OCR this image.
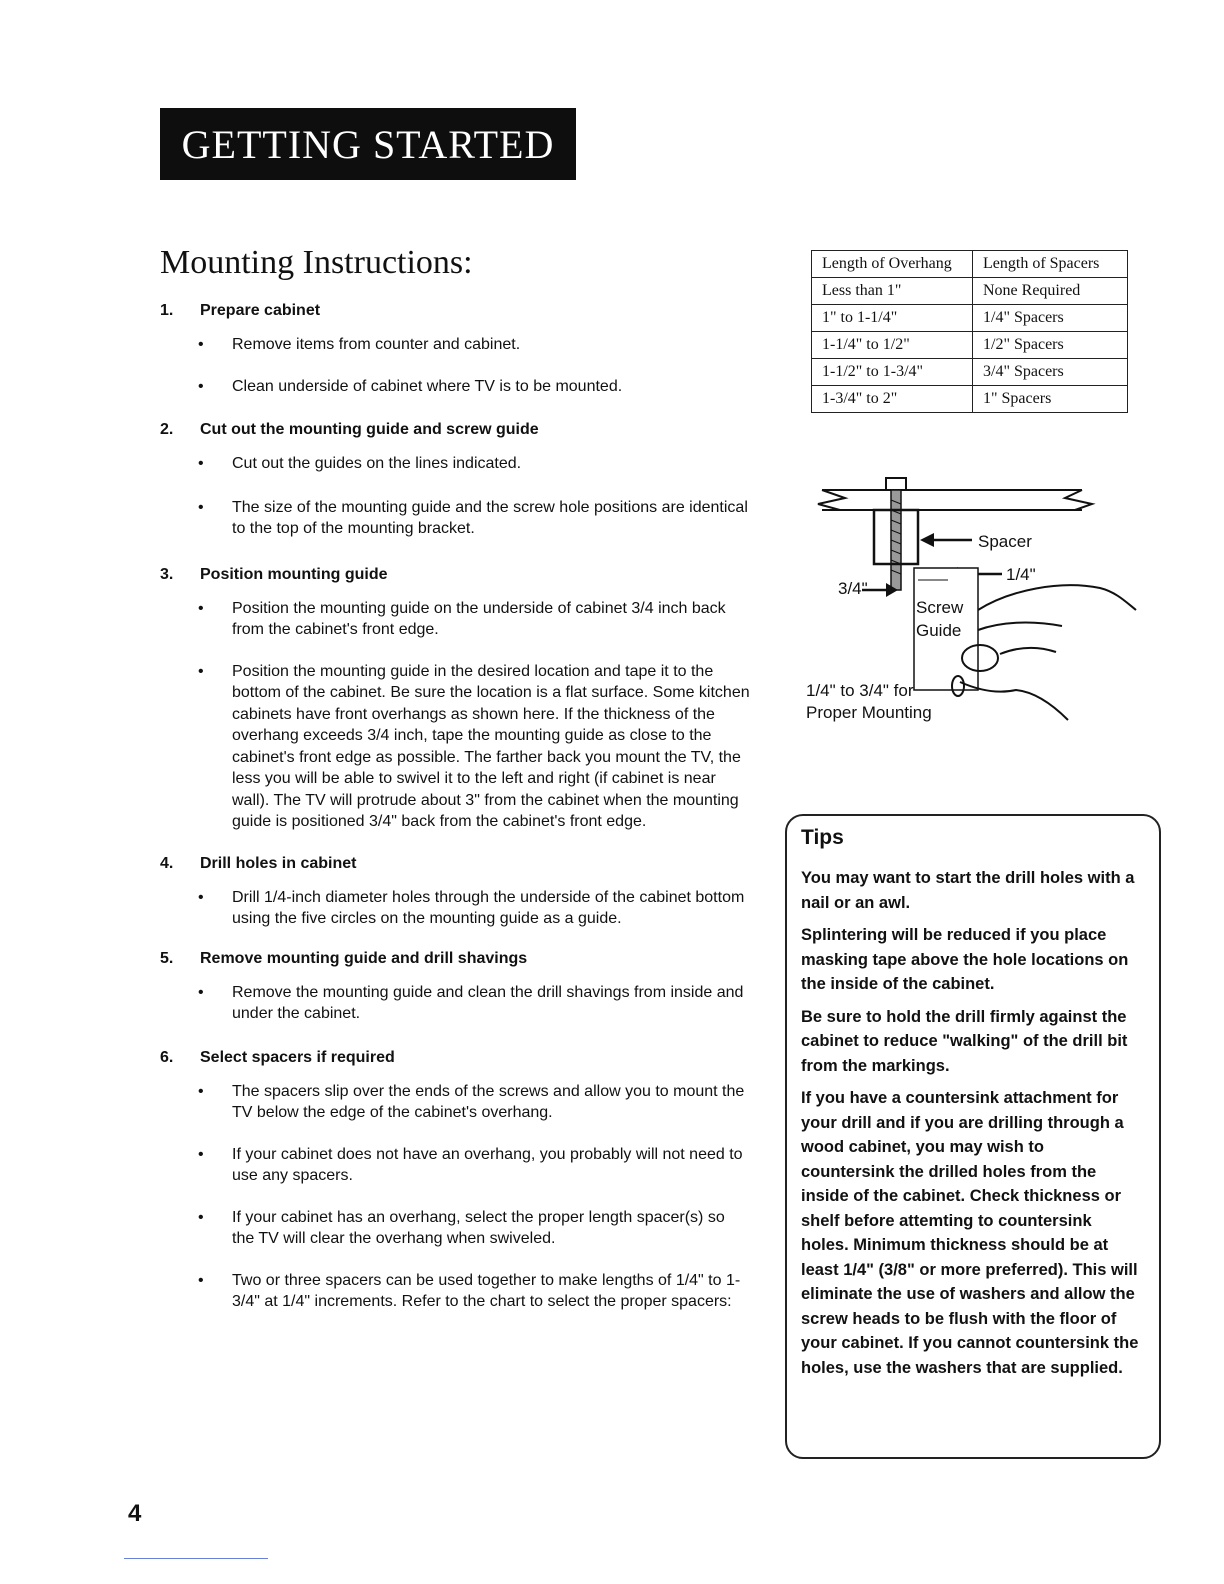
GETTING STARTED
Mounting Instructions:
1.	Prepare cabinet
• Remove items from counter and cabinet.
• Clean underside of cabinet where TV is to be mounted.
2.	Cut out the mounting guide and screw guide
• Cut out the guides on the lines indicated.
• The size of the mounting guide and the screw hole positions are identical to the top of the mounting bracket.
3.	Position mounting guide
• Position the mounting guide on the underside of cabinet 3/4 inch back from the cabinet's front edge.
• Position the mounting guide in the desired location and tape it to the bottom of the cabinet. Be sure the location is a flat surface. Some kitchen cabinets have front overhangs as shown here. If the thickness of the overhang exceeds 3/4 inch, tape the mounting guide as close to the cabinet's front edge as possible. The farther back you mount the TV, the less you will be able to swivel it to the left and right (if cabinet is near wall). The TV will protrude about 3" from the cabinet when the mounting guide is positioned 3/4" back from the cabinet's front edge.
4.	Drill holes in cabinet
• Drill 1/4-inch diameter holes through the underside of the cabinet bottom using the five circles on the mounting guide as a guide.
5.	Remove mounting guide and drill shavings
• Remove the mounting guide and clean the drill shavings from inside and under the cabinet.
6.	Select spacers if required
• The spacers slip over the ends of the screws and allow you to mount the TV below the edge of the cabinet's overhang.
• If your cabinet does not have an overhang, you probably will not need to use any spacers.
• If your cabinet has an overhang, select the proper length spacer(s) so the TV will clear the overhang when swiveled.
• Two or three spacers can be used together to make lengths of 1/4" to 1-3/4" at 1/4" increments. Refer to the chart to select the proper spacers:
Length of Overhang	Length of Spacers
Less than 1"	None Required
1" to 1-1/4"	1/4" Spacers
1-1/4" to 1/2"	1/2" Spacers
1-1/2" to 1-3/4"	3/4" Spacers
1-3/4" to 2"	1" Spacers
Spacer
1/4"
3/4"
Screw
Guide
1/4" to 3/4" for
Proper Mounting
Tips
You may want to start the drill holes with a nail or an awl.
Splintering will be reduced if you place masking tape above the hole locations on the inside of the cabinet.
Be sure to hold the drill firmly against the cabinet to reduce "walking" of the drill bit from the markings.
If you have a countersink attachment for your drill and if you are drilling through a wood cabinet, you may wish to countersink the drilled holes from the inside of the cabinet. Check thickness or shelf before attemting to countersink holes. Minimum thickness should be at least 1/4" (3/8" or more preferred). This will eliminate the use of washers and allow the screw heads to be flush with the floor of your cabinet. If you cannot countersink the holes, use the washers that are supplied.
4
